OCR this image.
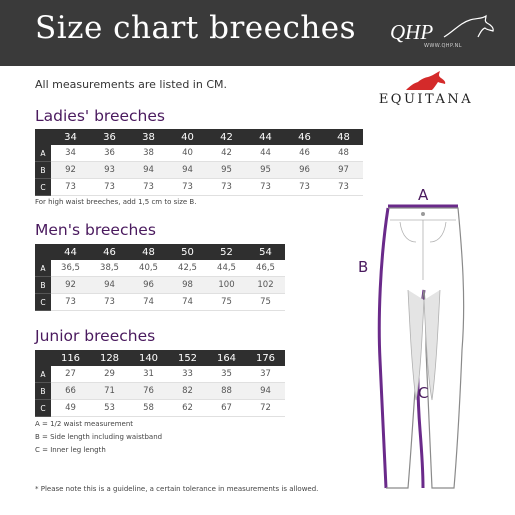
Size chart breeches QHP
WWW.QHP.NL
All measurements are listed in CM.
EQUITANA
Ladies' breeches
	34	36	38	40	42	44	46	48
A	34	36	38	40	42	44	46	48
B	92	93	94	94	95	95	96	97
C	73	73	73	73	73	73	73	73
For high waist breeches, add 1,5 cm to size B.
Men's breeches
	44	46	48	50	52	54
A	36,5	38,5	40,5	42,5	44,5	46,5
B	92	94	96	98	100	102
C	73	73	74	74	75	75
Junior breeches
	116	128	140	152	164	176
A	27	29	31	33	35	37
B	66	71	76	82	88	94
C	49	53	58	62	67	72
A = 1/2 waist measurement
B = Side length including waistband
C = Inner leg length
A
B
C
* Please note this is a guideline, a certain tolerance in measurements is allowed.
